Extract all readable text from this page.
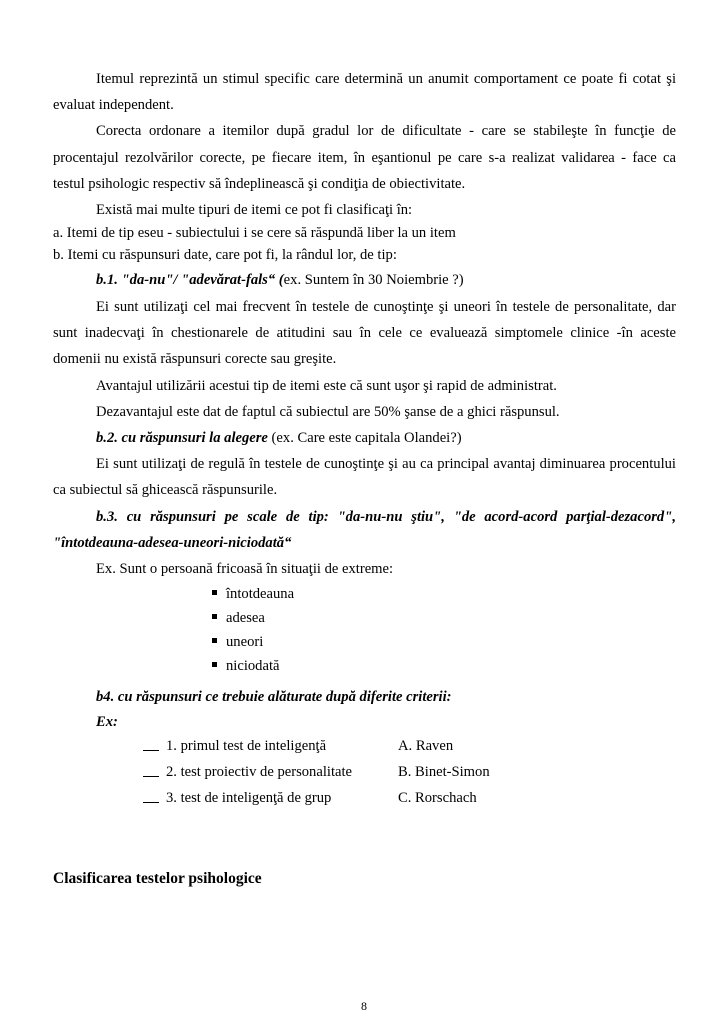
Itemul reprezintă un stimul specific care determină un anumit comportament ce poate fi cotat şi
evaluat independent.
Corecta ordonare a itemilor după gradul lor de dificultate - care se stabileşte în funcţie de
procentajul rezolvărilor corecte, pe fiecare item, în eşantionul pe care s-a realizat validarea - face ca
testul psihologic respectiv să îndeplinească şi condiţia de obiectivitate.
Există mai multe tipuri de itemi ce pot fi clasificaţi în:
a. Itemi de tip eseu - subiectului i se cere să răspundă liber la un item
b. Itemi cu răspunsuri date, care pot fi, la rândul lor, de tip:
b.1. "da-nu"/ "adevărat-fals“ (ex. Suntem în 30 Noiembrie ?)
Ei sunt utilizaţi cel mai frecvent în testele de cunoştinţe şi uneori în testele de personalitate, dar
sunt inadecvaţi în chestionarele de atitudini sau în cele ce evaluează simptomele clinice -în aceste
domenii nu există răspunsuri corecte sau greşite.
Avantajul utilizării acestui tip de itemi este că sunt uşor şi rapid de administrat.
Dezavantajul este dat de faptul că subiectul are 50% şanse de a ghici răspunsul.
b.2. cu răspunsuri la alegere (ex. Care este capitala Olandei?)
Ei sunt utilizaţi de regulă în testele de cunoştinţe şi au ca principal avantaj diminuarea procentului
ca subiectul să ghicească răspunsurile.
b.3. cu răspunsuri pe scale de tip: "da-nu-nu ştiu", "de acord-acord parţial-dezacord",
"întotdeauna-adesea-uneori-niciodată“
Ex. Sunt o persoană fricoasă în situaţii de extreme:
întotdeauna
adesea
uneori
niciodată
b4. cu răspunsuri ce trebuie alăturate după diferite criterii:
Ex:
1. primul test de inteligenţă	A. Raven
2. test proiectiv de personalitate	B. Binet-Simon
3. test de inteligenţă de grup	C. Rorschach
Clasificarea testelor psihologice
8
